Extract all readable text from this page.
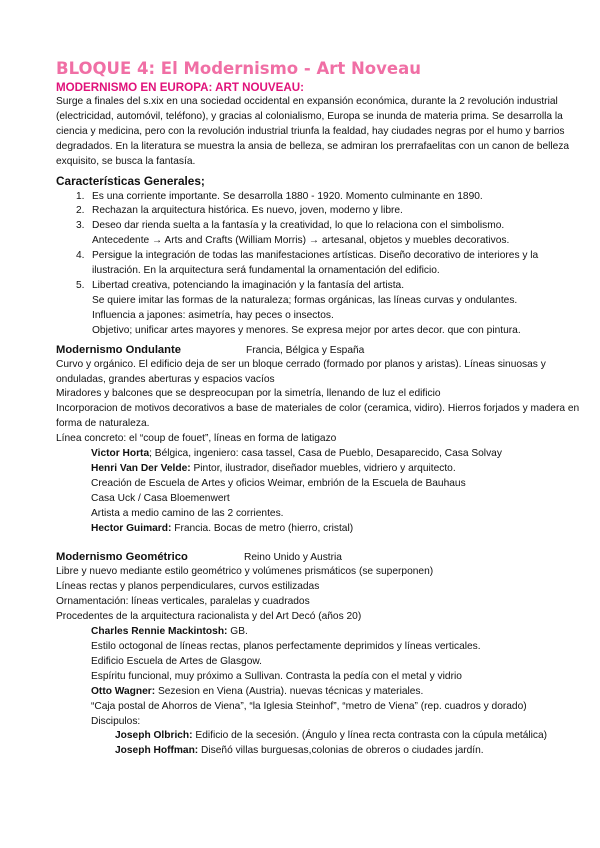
BLOQUE 4: El Modernismo - Art Noveau
MODERNISMO EN EUROPA: ART NOUVEAU:

Surge a finales del s.xix en una sociedad occidental en expansión económica, durante la 2 revolución industrial (electricidad, automóvil, teléfono), y gracias al colonialismo, Europa se inunda de materia prima. Se desarrolla la ciencia y medicina, pero con la revolución industrial triunfa la fealdad, hay ciudades negras por el humo y barrios degradados. En la literatura se muestra la ansia de belleza, se admiran los prerrafaelitas con un canon de belleza exquisito, se busca la fantasía.

Características Generales;
1. Es una corriente importante. Se desarrolla 1880 - 1920. Momento culminante en 1890.
2. Rechazan la arquitectura histórica. Es nuevo, joven, moderno y libre.
3. Deseo dar rienda suelta a la fantasía y la creatividad, lo que lo relaciona con el simbolismo.
Antecedente → Arts and Crafts (William Morris) → artesanal, objetos y muebles decorativos.
4. Persigue la integración de todas las manifestaciones artísticas. Diseño decorativo de interiores y la ilustración. En la arquitectura será fundamental la ornamentación del edificio.
5. Libertad creativa, potenciando la imaginación y la fantasía del artista.
Se quiere imitar las formas de la naturaleza; formas orgánicas, las líneas curvas y ondulantes.
Influencia a japones: asimetría, hay peces o insectos.
Objetivo; unificar artes mayores y menores. Se expresa mejor por artes decor. que con pintura.
Modernismo Ondulante	Francia, Bélgica y España
Curvo y orgánico. El edificio deja de ser un bloque cerrado (formado por planos y aristas). Líneas sinuosas y onduladas, grandes aberturas y espacios vacíos
Miradores y balcones que se despreocupan por la simetría, llenando de luz el edificio
Incorporacion de motivos decorativos a base de materiales de color (ceramica, vidiro). Hierros forjados y madera en forma de naturaleza.
Línea concreto: el “coup de fouet”, líneas en forma de latigazo
Victor Horta; Bélgica, ingeniero: casa tassel, Casa de Pueblo, Desaparecido, Casa Solvay
Henri Van Der Velde: Pintor, ilustrador, diseñador muebles, vidriero y arquitecto.
Creación de Escuela de Artes y oficios Weimar, embrión de la Escuela de Bauhaus
Casa Uck / Casa Bloemenwert
Artista a medio camino de las 2 corrientes.
Hector Guimard: Francia. Bocas de metro (hierro, cristal)
Modernismo Geométrico	Reino Unido y Austria
Libre y nuevo mediante estilo geométrico y volúmenes prismáticos (se superponen)
Líneas rectas y planos perpendiculares, curvos estilizadas
Ornamentación: líneas verticales, paralelas y cuadrados
Procedentes de la arquitectura racionalista y del Art Decó (años 20)
Charles Rennie Mackintosh: GB.
Estilo octogonal de líneas rectas, planos perfectamente deprimidos y líneas verticales.
Edificio Escuela de Artes de Glasgow.
Espíritu funcional, muy próximo a Sullivan. Contrasta la pedía con el metal y vidrio
Otto Wagner: Sezesion en Viena (Austria). nuevas técnicas y materiales.
“Caja postal de Ahorros de Viena”, “la Iglesia Steinhof”, “metro de Viena” (rep. cuadros y dorado)
Discipulos:
Joseph Olbrich: Edificio de la secesión. (Ángulo y línea recta contrasta con la cúpula metálica)
Joseph Hoffman: Diseñó villas burguesas,colonias de obreros o ciudades jardín.
